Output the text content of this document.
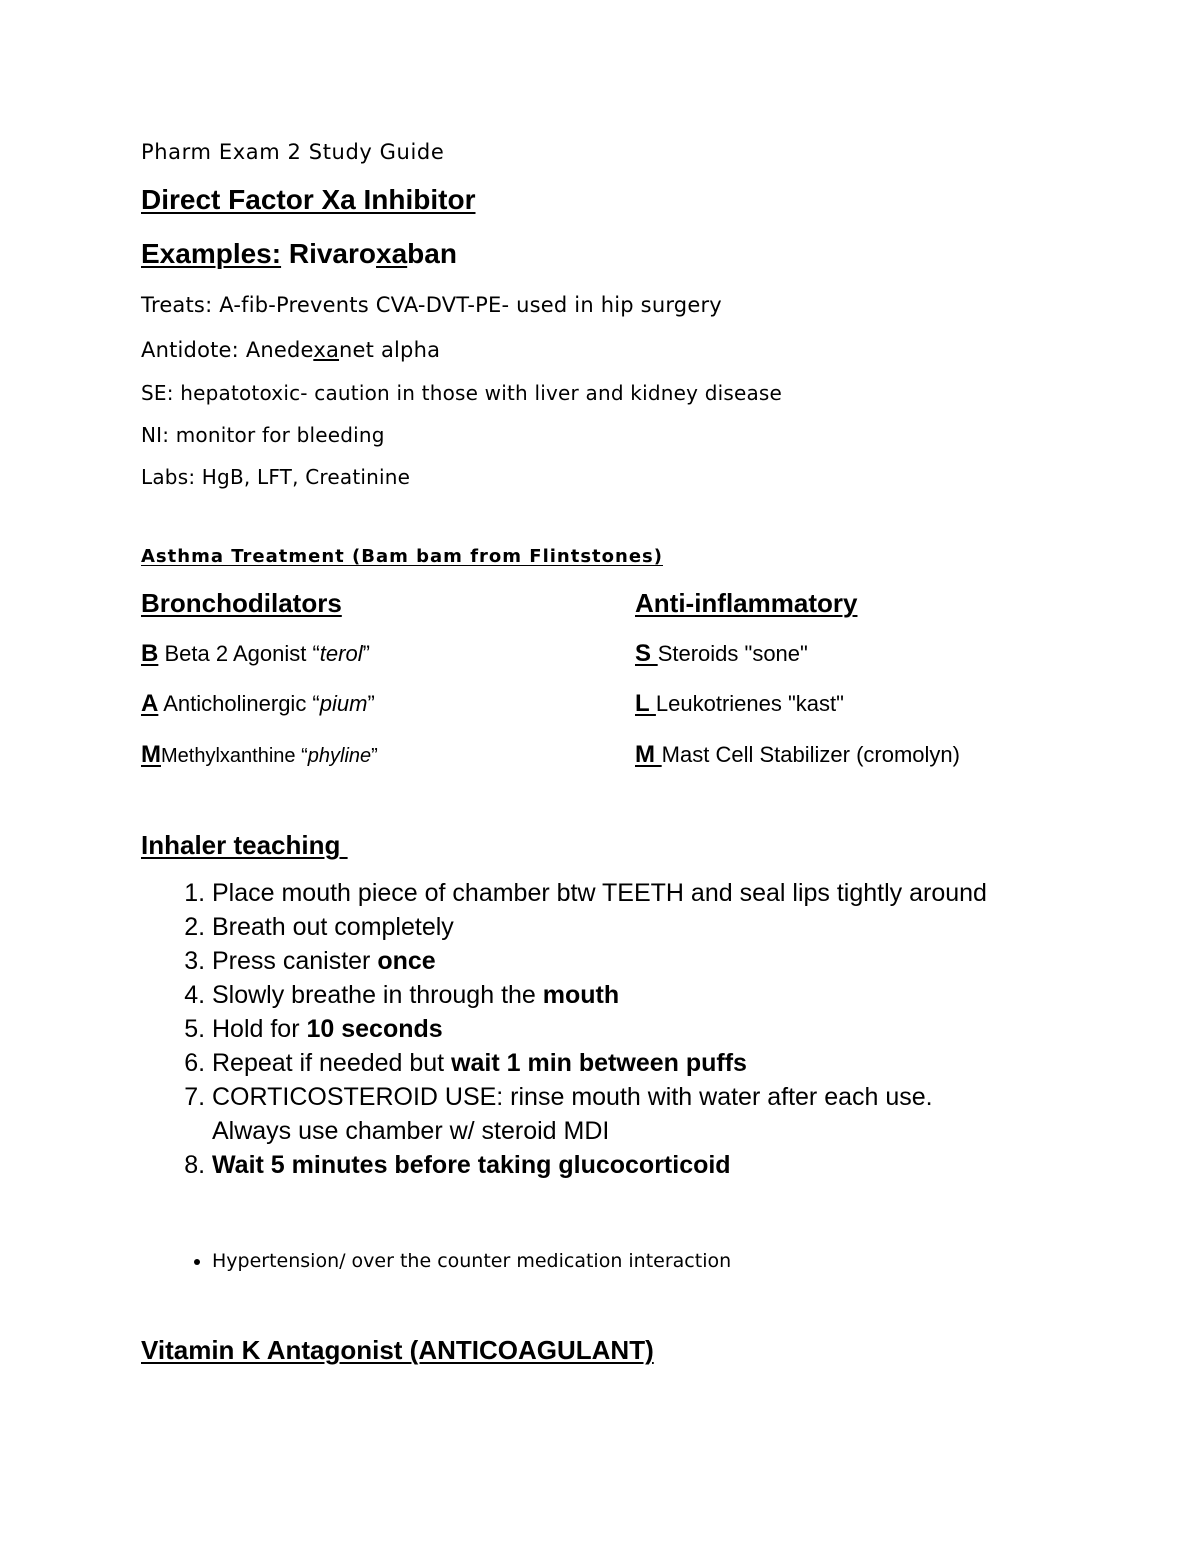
Pharm Exam 2 Study Guide
Direct Factor Xa Inhibitor
Examples: Rivaroxaban
Treats: A-fib-Prevents CVA-DVT-PE- used in hip surgery
Antidote: Anedexanet alpha
SE: hepatotoxic- caution in those with liver and kidney disease
NI: monitor for bleeding
Labs: HgB, LFT, Creatinine
Asthma Treatment (Bam bam from Flintstones)
Bronchodilators	Anti-inflammatory
B Beta 2 Agonist “terol”
A Anticholinergic “pium”
MMethylxanthine “phyline”
S Steroids "sone"
L Leukotrienes "kast"
M Mast Cell Stabilizer (cromolyn)
Inhaler teaching
1. Place mouth piece of chamber btw TEETH and seal lips tightly around
2. Breath out completely
3. Press canister once
4. Slowly breathe in through the mouth
5. Hold for 10 seconds
6. Repeat if needed but wait 1 min between puffs
7. CORTICOSTEROID USE: rinse mouth with water after each use. Always use chamber w/ steroid MDI
8. Wait 5 minutes before taking glucocorticoid
• Hypertension/ over the counter medication interaction
Vitamin K Antagonist (ANTICOAGULANT)
